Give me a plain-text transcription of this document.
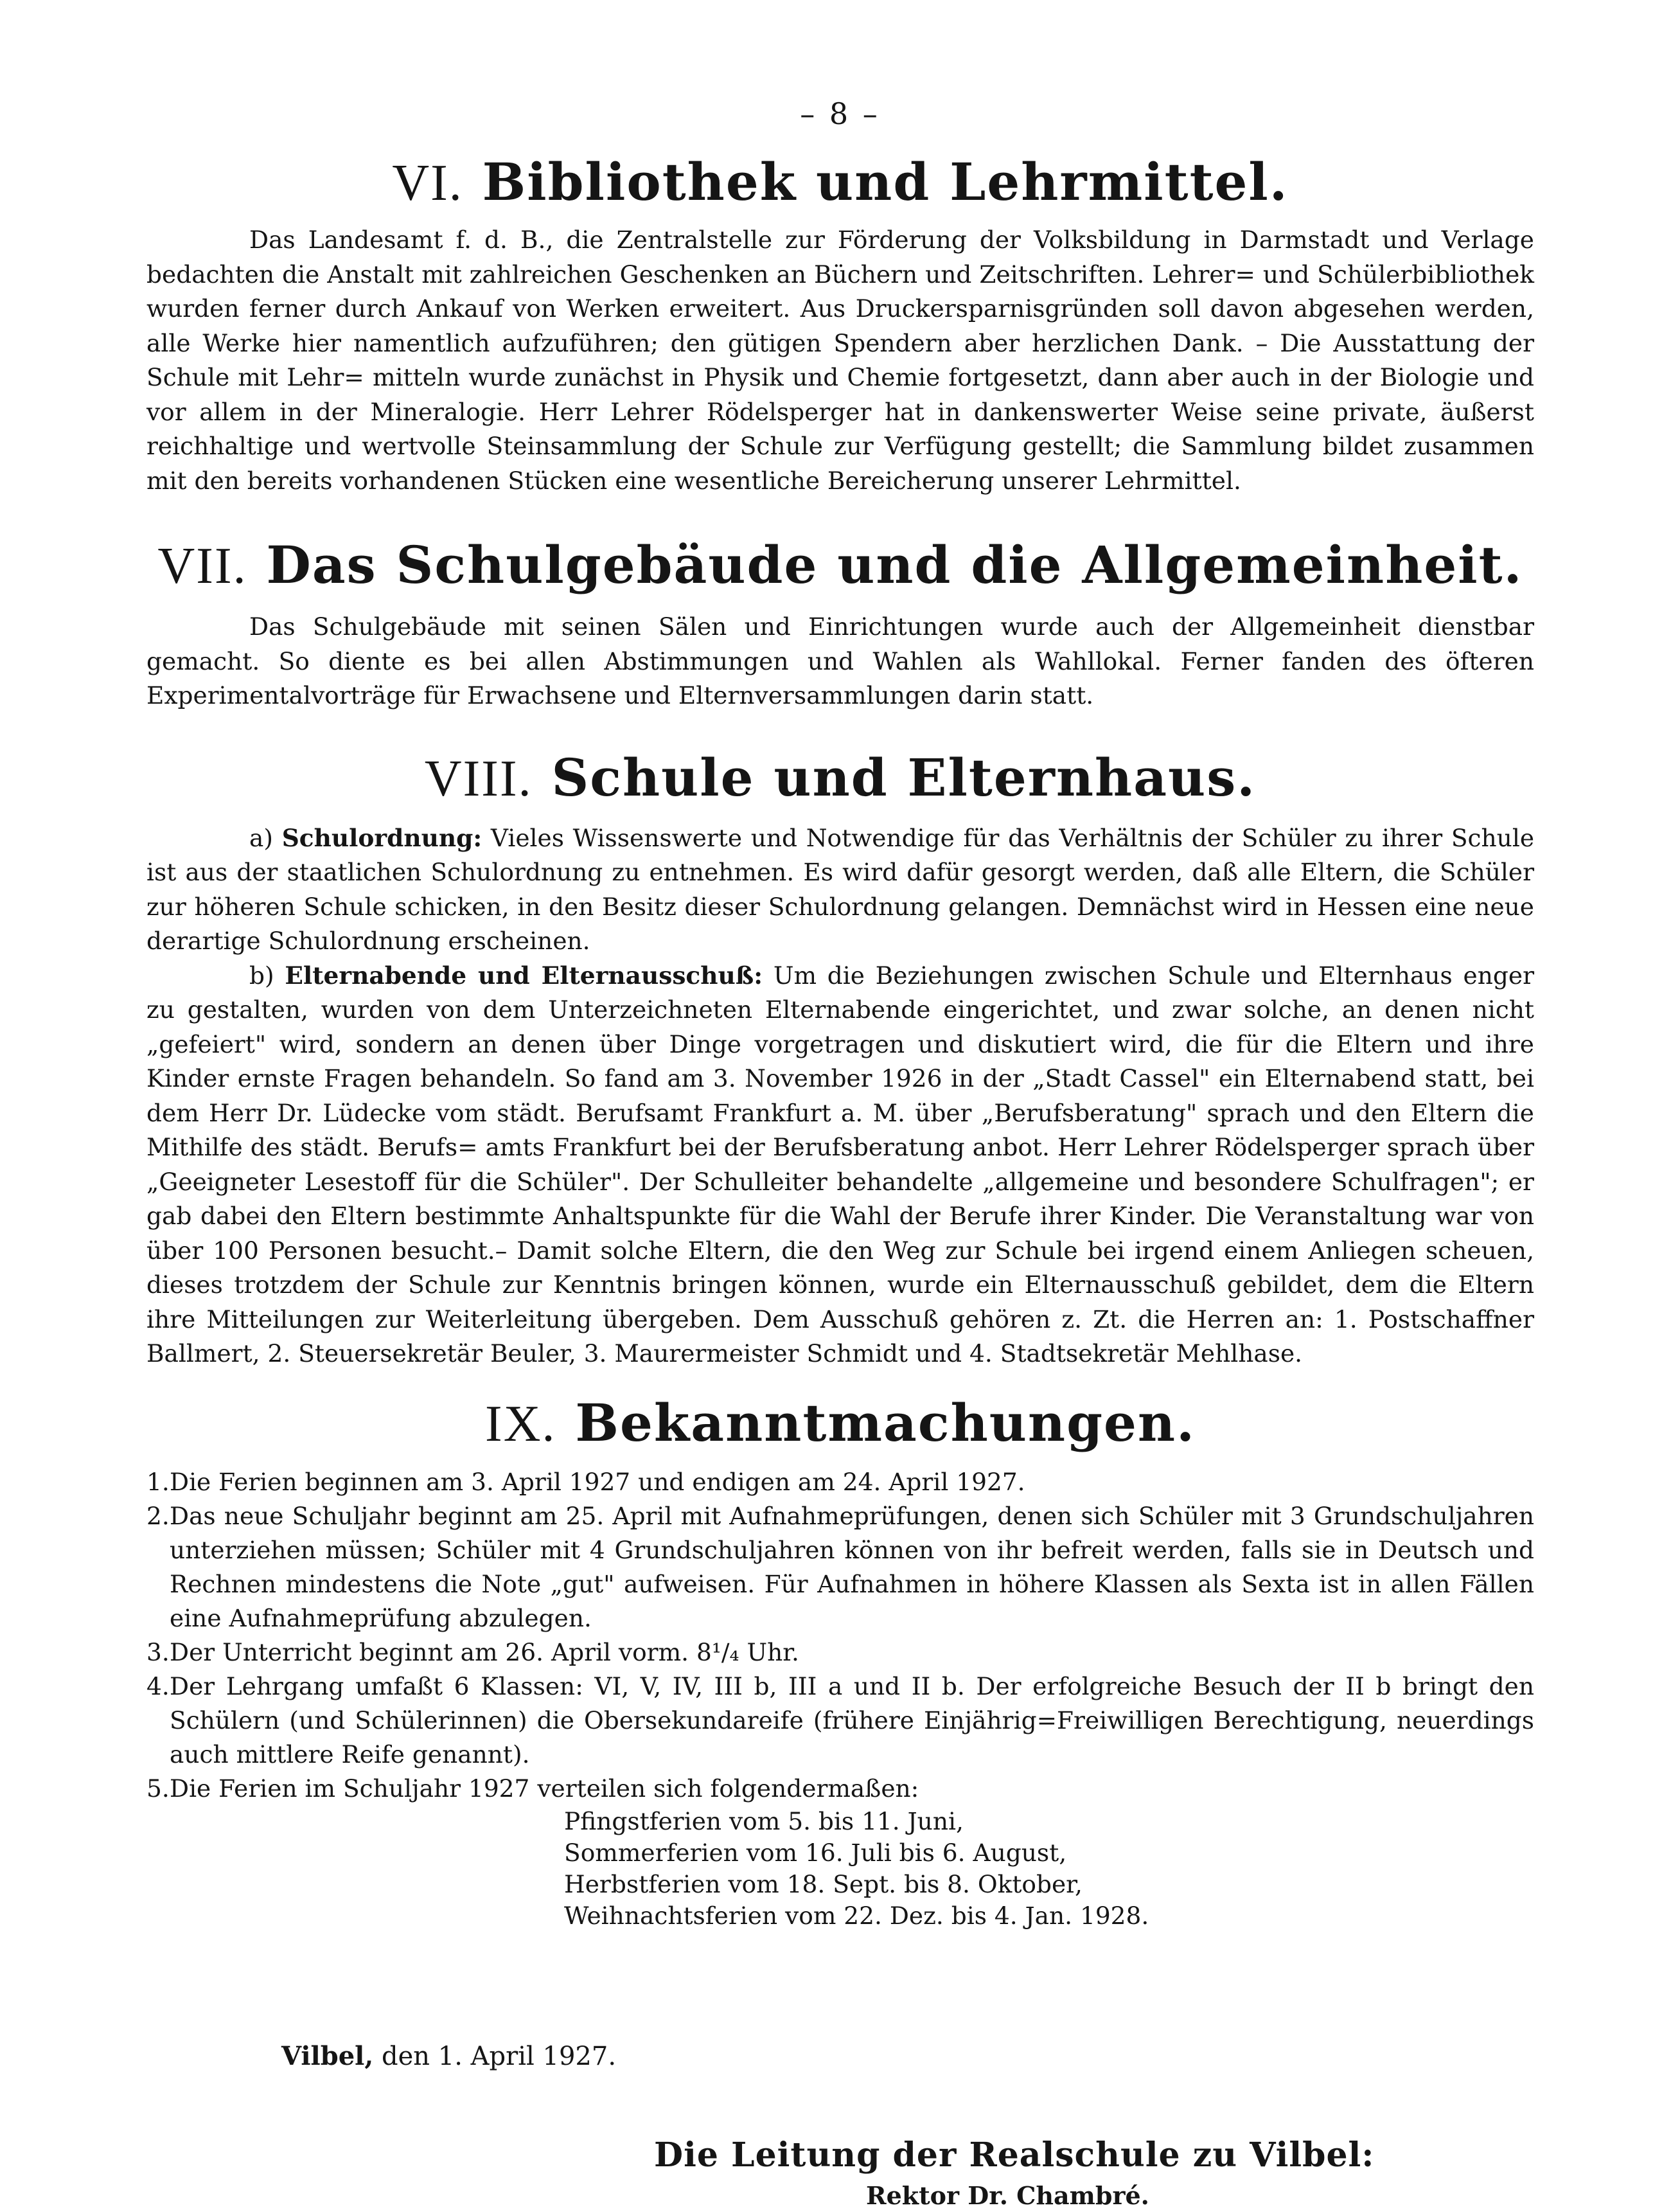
– 8 –
VI. Bibliothek und Lehrmittel.

Das Landesamt f. d. B., die Zentralstelle zur Förderung der Volksbildung in Darmstadt und Verlage bedachten die Anstalt mit zahlreichen Geschenken an Büchern und Zeitschriften. Lehrer= und Schülerbibliothek wurden ferner durch Ankauf von Werken erweitert. Aus Druckersparnisgründen soll davon abgesehen werden, alle Werke hier namentlich aufzuführen; den gütigen Spendern aber herzlichen Dank. – Die Ausstattung der Schule mit Lehr= mitteln wurde zunächst in Physik und Chemie fortgesetzt, dann aber auch in der Biologie und vor allem in der Mineralogie. Herr Lehrer Rödelsperger hat in dankenswerter Weise seine private, äußerst reichhaltige und wertvolle Steinsammlung der Schule zur Verfügung gestellt; die Sammlung bildet zusammen mit den bereits vorhandenen Stücken eine wesentliche Bereicherung unserer Lehrmittel.

VII. Das Schulgebäude und die Allgemeinheit.

Das Schulgebäude mit seinen Sälen und Einrichtungen wurde auch der Allgemeinheit dienstbar gemacht. So diente es bei allen Abstimmungen und Wahlen als Wahllokal. Ferner fanden des öfteren Experimentalvorträge für Erwachsene und Elternversammlungen darin statt.

VIII. Schule und Elternhaus.

a) Schulordnung: Vieles Wissenswerte und Notwendige für das Verhältnis der Schüler zu ihrer Schule ist aus der staatlichen Schulordnung zu entnehmen. Es wird dafür gesorgt werden, daß alle Eltern, die Schüler zur höheren Schule schicken, in den Besitz dieser Schulordnung gelangen. Demnächst wird in Hessen eine neue derartige Schulordnung erscheinen.

b) Elternabende und Elternausschuß: Um die Beziehungen zwischen Schule und Elternhaus enger zu gestalten, wurden von dem Unterzeichneten Elternabende eingerichtet, und zwar solche, an denen nicht „gefeiert" wird, sondern an denen über Dinge vorgetragen und diskutiert wird, die für die Eltern und ihre Kinder ernste Fragen behandeln. So fand am 3. November 1926 in der „Stadt Cassel" ein Elternabend statt, bei dem Herr Dr. Lüdecke vom städt. Berufsamt Frankfurt a. M. über „Berufsberatung" sprach und den Eltern die Mithilfe des städt. Berufs= amts Frankfurt bei der Berufsberatung anbot. Herr Lehrer Rödelsperger sprach über „Geeigneter Lesestoff für die Schüler". Der Schulleiter behandelte „allgemeine und besondere Schulfragen"; er gab dabei den Eltern bestimmte Anhaltspunkte für die Wahl der Berufe ihrer Kinder. Die Veranstaltung war von über 100 Personen besucht.– Damit solche Eltern, die den Weg zur Schule bei irgend einem Anliegen scheuen, dieses trotzdem der Schule zur Kenntnis bringen können, wurde ein Elternausschuß gebildet, dem die Eltern ihre Mitteilungen zur Weiterleitung übergeben. Dem Ausschuß gehören z. Zt. die Herren an: 1. Postschaffner Ballmert, 2. Steuersekretär Beuler, 3. Maurermeister Schmidt und 4. Stadtsekretär Mehlhase.

IX. Bekanntmachungen.
1. Die Ferien beginnen am 3. April 1927 und endigen am 24. April 1927.
2. Das neue Schuljahr beginnt am 25. April mit Aufnahmeprüfungen, denen sich Schüler mit 3 Grundschuljahren unterziehen müssen; Schüler mit 4 Grundschuljahren können von ihr befreit werden, falls sie in Deutsch und Rechnen mindestens die Note „gut" aufweisen. Für Aufnahmen in höhere Klassen als Sexta ist in allen Fällen eine Aufnahmeprüfung abzulegen.
3. Der Unterricht beginnt am 26. April vorm. 8¹/₄ Uhr.
4. Der Lehrgang umfaßt 6 Klassen: VI, V, IV, III b, III a und II b. Der erfolgreiche Besuch der II b bringt den Schülern (und Schülerinnen) die Obersekundareife (frühere Einjährig=Freiwilligen Berechtigung, neuerdings auch mittlere Reife genannt).
5. Die Ferien im Schuljahr 1927 verteilen sich folgendermaßen:
Pfingstferien vom 5. bis 11. Juni,
Sommerferien vom 16. Juli bis 6. August,
Herbstferien vom 18. Sept. bis 8. Oktober,
Weihnachtsferien vom 22. Dez. bis 4. Jan. 1928.
Vilbel, den 1. April 1927.
Die Leitung der Realschule zu Vilbel:
Rektor Dr. Chambré.
